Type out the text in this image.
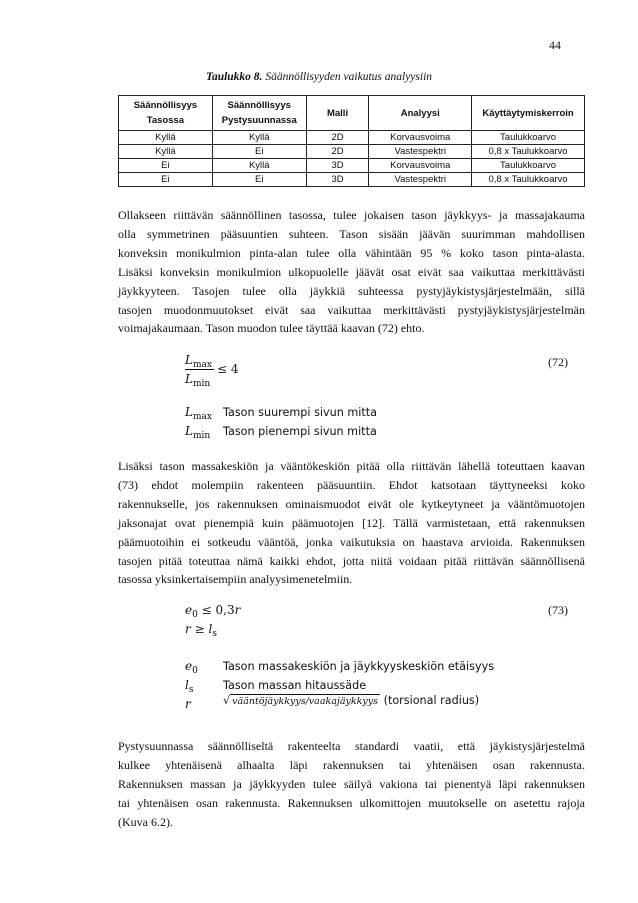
44
Taulukko 8. Säännöllisyyden vaikutus analyysiin
Säännöllisyys Tasossa	Säännöllisyys Pystysuunnassa	Malli	Analyysi	Käyttäytymiskerroin
Kyllä	Kyllä	2D	Korvausvoima	Taulukkoarvo
Kyllä	Ei	2D	Vastespektri	0,8 x Taulukkoarvo
Ei	Kyllä	3D	Korvausvoima	Taulukkoarvo
Ei	Ei	3D	Vastespektri	0,8 x Taulukkoarvo
Ollakseen riittävän säännöllinen tasossa, tulee jokaisen tason jäykkyys- ja massajakauma
olla symmetrinen pääsuuntien suhteen. Tason sisään jäävän suurimman mahdollisen
konveksin monikulmion pinta-alan tulee olla vähintään 95 % koko tason pinta-alasta.
Lisäksi konveksin monikulmion ulkopuolelle jäävät osat eivät saa vaikuttaa merkittävästi
jäykkyyteen. Tasojen tulee olla jäykkiä suhteessa pystyjäykistysjärjestelmään, sillä
tasojen muodonmuutokset eivät saa vaikuttaa merkittävästi pystyjäykistysjärjestelmän
voimajakaumaan. Tason muodon tulee täyttää kaavan (72) ehto.
$L_{max}$
$L_{min}$
≤ 4	(72)
$L_{max}$ Tason suurempi sivun mitta
$L_{min}$ Tason pienempi sivun mitta
Lisäksi tason massakeskiön ja vääntökeskiön pitää olla riittävän lähellä toteuttaen kaavan
(73) ehdot molempiin rakenteen pääsuuntiin. Ehdot katsotaan täyttyneeksi koko
rakennukselle, jos rakennuksen ominaismuodot eivät ole kytkeytyneet ja vääntömuotojen
jaksonajat ovat pienempiä kuin päämuotojen [12]. Tällä varmistetaan, että rakennuksen
päämuotoihin ei sotkeudu vääntöä, jonka vaikutuksia on haastava arvioida. Rakennuksen
tasojen pitää toteuttaa nämä kaikki ehdot, jotta niitä voidaan pitää riittävän säännöllisenä
tasossa yksinkertaisempiin analyysimenetelmiin.
$e_0 \le 0,3r$	(73)
$r \ge l_s$
$e_0$ Tason massakeskiön ja jäykkyyskeskiön etäisyys
$l_s$	Tason massan hitaussäde
r	√ vääntöjäykkyys/vaakajäykkyys (torsional radius)
Pystysuunnassa säännölliseltä rakenteelta standardi vaatii, että jäykistysjärjestelmä
kulkee yhtenäisenä alhaalta läpi rakennuksen tai yhtenäisen osan rakennusta.
Rakennuksen massan ja jäykkyyden tulee säilyä vakiona tai pienentyä läpi rakennuksen
tai yhtenäisen osan rakennusta. Rakennuksen ulkomittojen muutokselle on asetettu rajoja
(Kuva 6.2).
